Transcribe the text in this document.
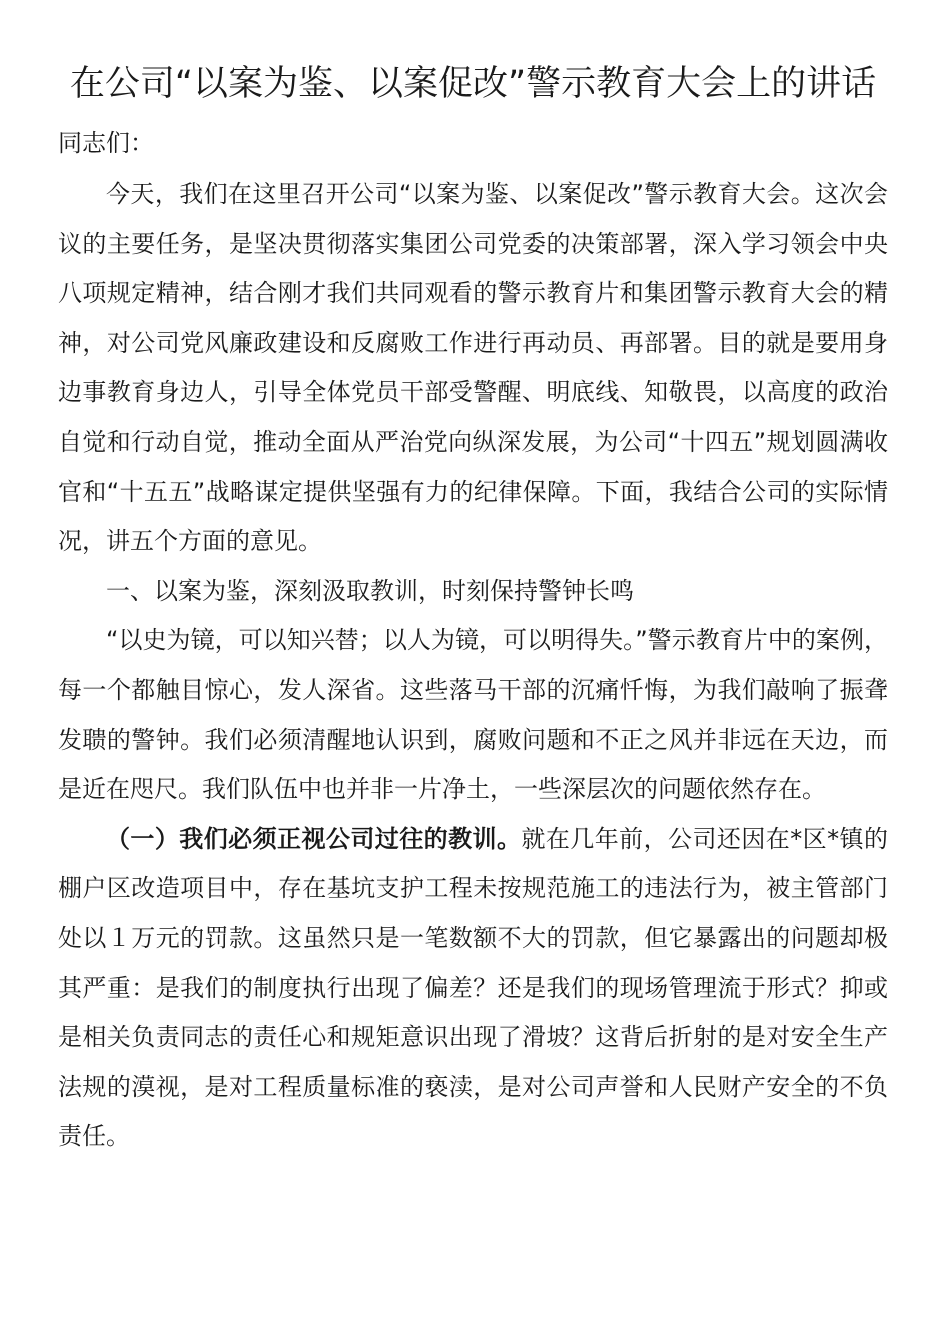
在公司“以案为鉴、以案促改”警示教育大会上的讲话

同志们：

今天，我们在这里召开公司“以案为鉴、以案促改”警示教育大会。这次会议的主要任务，是坚决贯彻落实集团公司党委的决策部署，深入学习领会中央八项规定精神，结合刚才我们共同观看的警示教育片和集团警示教育大会的精神，对公司党风廉政建设和反腐败工作进行再动员、再部署。目的就是要用身边事教育身边人，引导全体党员干部受警醒、明底线、知敬畏，以高度的政治自觉和行动自觉，推动全面从严治党向纵深发展，为公司“十四五”规划圆满收官和“十五五”战略谋定提供坚强有力的纪律保障。下面，我结合公司的实际情况，讲五个方面的意见。

一、以案为鉴，深刻汲取教训，时刻保持警钟长鸣

“以史为镜，可以知兴替；以人为镜，可以明得失。”警示教育片中的案例，每一个都触目惊心，发人深省。这些落马干部的沉痛忏悔，为我们敲响了振聋发聩的警钟。我们必须清醒地认识到，腐败问题和不正之风并非远在天边，而是近在咫尺。我们队伍中也并非一片净土，一些深层次的问题依然存在。

（一）我们必须正视公司过往的教训。就在几年前，公司还因在*区*镇的棚户区改造项目中，存在基坑支护工程未按规范施工的违法行为，被主管部门处以１万元的罚款。这虽然只是一笔数额不大的罚款，但它暴露出的问题却极其严重：是我们的制度执行出现了偏差？还是我们的现场管理流于形式？抑或是相关负责同志的责任心和规矩意识出现了滑坡？这背后折射的是对安全生产法规的漠视，是对工程质量标准的亵渎，是对公司声誉和人民财产安全的不负责任。
